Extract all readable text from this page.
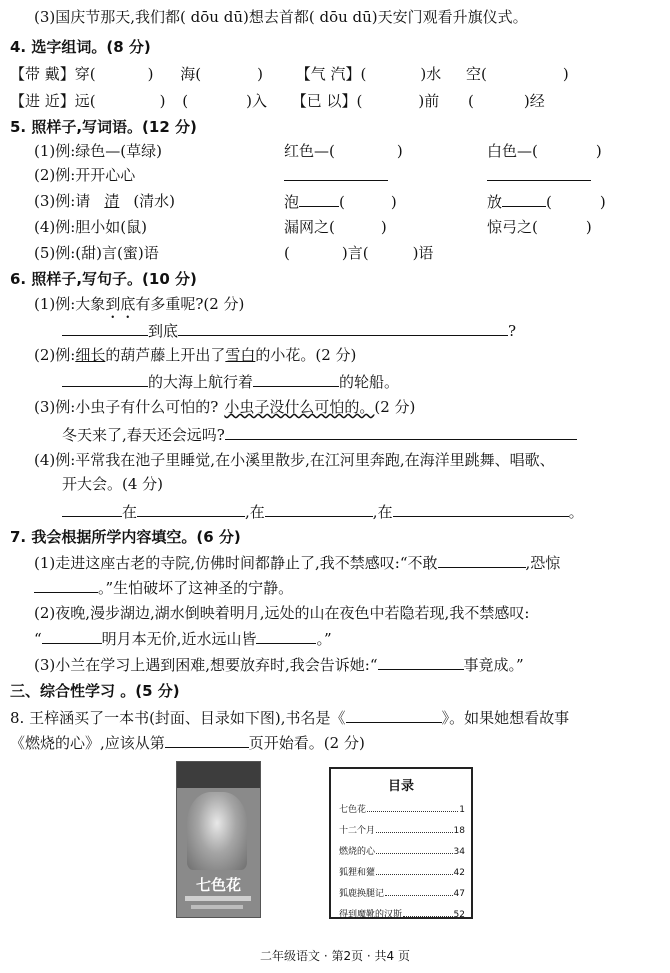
(3)国庆节那天,我们都( dōu dū)想去首都( dōu dū)天安门观看升旗仪式。
4. 选字组词。(8 分)
【带 戴】穿(	) 海(	) 【气 汽】(	)水 空(	)
【进 近】远(	) (	)入 【已 以】(	)前 (	)经
5. 照样子,写词语。(12 分)
(1)例:绿色—(草绿)	红色—(	)	白色—(	)
(2)例:开开心心
(3)例:请 清 (清水)	泡	(	)	放	(	)
(4)例:胆小如(鼠)	漏网之(	)	惊弓之(	)
(5)例:(甜)言(蜜)语	(	)言(	)语
6. 照样子,写句子。(10 分)
(1)例:大象到底有多重呢?(2 分)
到底	?
(2)例:细长的葫芦藤上开出了雪白的小花。(2 分)
的大海上航行着	的轮船。
(3)例:小虫子有什么可怕的? 小虫子没什么可怕的。(2 分)
冬天来了,春天还会远吗?
(4)例:平常我在池子里睡觉,在小溪里散步,在江河里奔跑,在海洋里跳舞、唱歌、
开大会。(4 分)
在	,在	,在	。
7. 我会根据所学内容填空。(6 分)
(1)走进这座古老的寺院,仿佛时间都静止了,我不禁感叹:“不敢	,恐惊
。”生怕破坏了这神圣的宁静。
(2)夜晚,漫步湖边,湖水倒映着明月,远处的山在夜色中若隐若现,我不禁感叹:
“	明月本无价,近水远山皆	。”
(3)小兰在学习上遇到困难,想要放弃时,我会告诉她:“	事竟成。”
三、综合性学习 。(5 分)
8. 王梓涵买了一本书(封面、目录如下图),书名是《	》。如果她想看故事
《燃烧的心》,应该从第	页开始看。(2 分)
七色花
目录
七色花	1
十二个月	18
燃烧的心	34
狐狸和獾	42
狐鹿换腿记	47
得到魔靴的汉斯	52
二年级语文 · 第2页 · 共4 页
